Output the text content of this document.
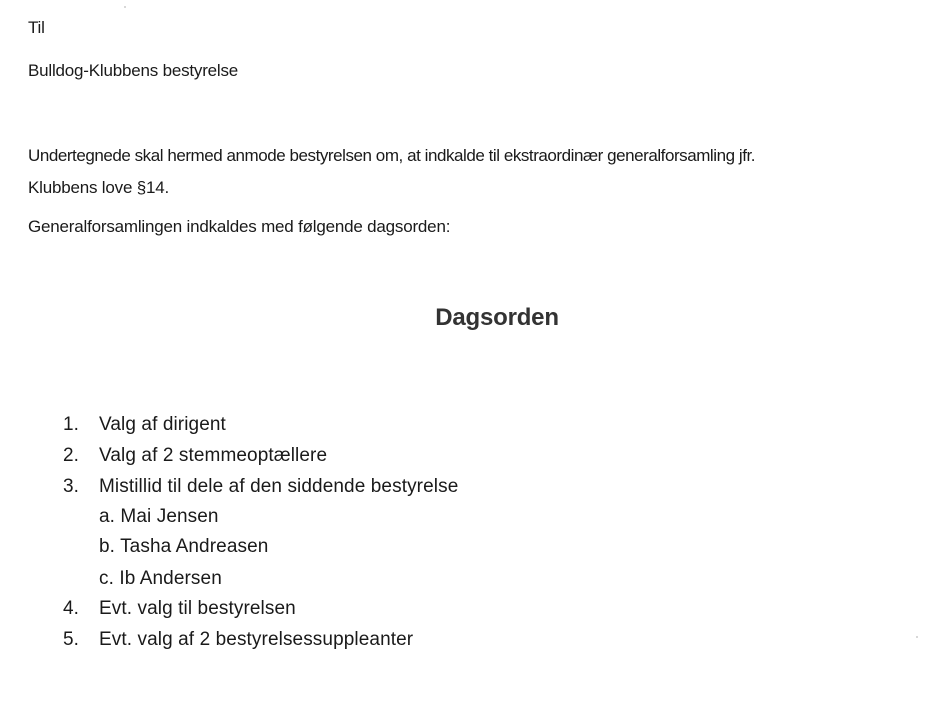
Til
Bulldog-Klubbens bestyrelse
Undertegnede skal hermed anmode bestyrelsen om, at indkalde til ekstraordinær generalforsamling jfr.
Klubbens love §14.
Generalforsamlingen indkaldes med følgende dagsorden:
Dagsorden
1. Valg af dirigent
2. Valg af 2 stemmeoptællere
3. Mistillid til dele af den siddende bestyrelse
a. Mai Jensen
b. Tasha Andreasen
c. Ib Andersen
4. Evt. valg til bestyrelsen
5. Evt. valg af 2 bestyrelsessuppleanter
